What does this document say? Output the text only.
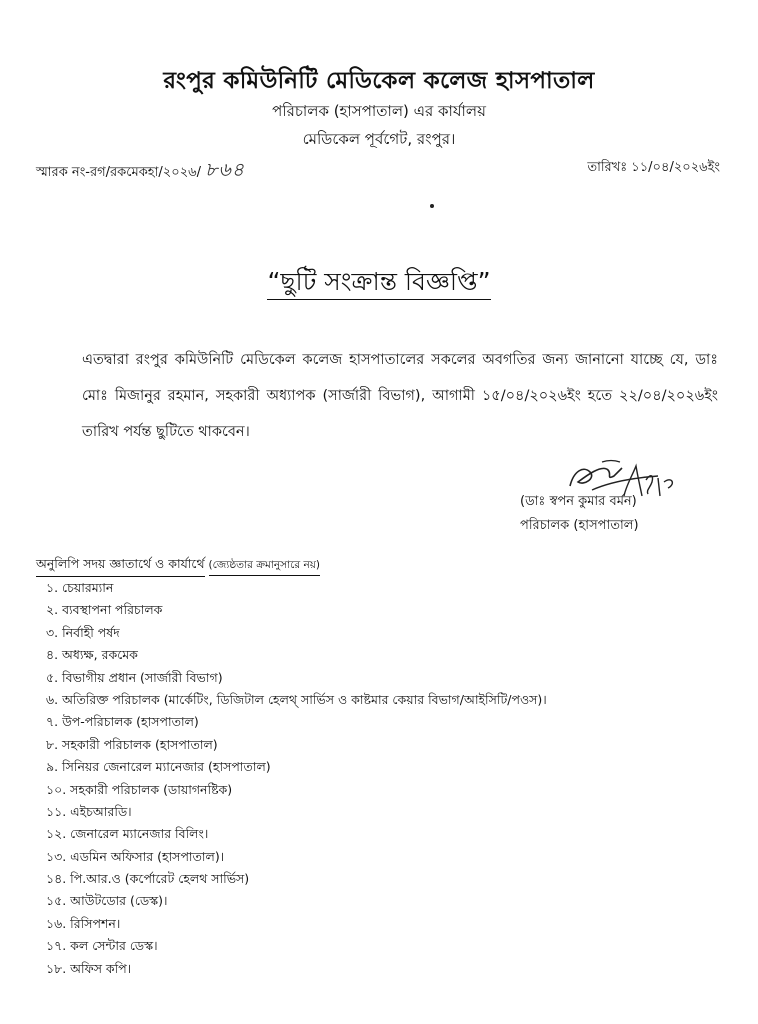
রংপুর কমিউনিটি মেডিকেল কলেজ হাসপাতাল
পরিচালক (হাসপাতাল) এর কার্যালয়
মেডিকেল পূর্বগেট, রংপুর।
স্মারক নং-রগ/রকমেকহা/২০২৬/ ৮৬৪	তারিখঃ ১১/০৪/২০২৬ইং
“ছুটি সংক্রান্ত বিজ্ঞপ্তি”
এতদ্বারা রংপুর কমিউনিটি মেডিকেল কলেজ হাসপাতালের সকলের অবগতির জন্য জানানো যাচ্ছে যে, ডাঃ মোঃ মিজানুর রহমান, সহকারী অধ্যাপক (সার্জারী বিভাগ), আগামী ১৫/০৪/২০২৬ইং হতে ২২/০৪/২০২৬ইং তারিখ পর্যন্ত ছুটিতে থাকবেন।
(ডাঃ স্বপন কুমার বর্মন)
পরিচালক (হাসপাতাল)
অনুলিপি সদয় জ্ঞাতার্থে ও কার্যার্থে (জ্যেষ্ঠতার ক্রমানুসারে নয়)
১. চেয়ারম্যান
২. ব্যবস্থাপনা পরিচালক
৩. নির্বাহী পর্ষদ
৪. অধ্যক্ষ, রকমেক
৫. বিভাগীয় প্রধান (সার্জারী বিভাগ)
৬. অতিরিক্ত পরিচালক (মার্কেটিং, ডিজিটাল হেলথ্ সার্ভিস ও কাষ্টমার কেয়ার বিভাগ/আইসিটি/পওস)।
৭. উপ-পরিচালক (হাসপাতাল)
৮. সহকারী পরিচালক (হাসপাতাল)
৯. সিনিয়র জেনারেল ম্যানেজার (হাসপাতাল)
১০. সহকারী পরিচালক (ডায়াগনষ্টিক)
১১. এইচআরডি।
১২. জেনারেল ম্যানেজার বিলিং।
১৩. এডমিন অফিসার (হাসপাতাল)।
১৪. পি.আর.ও (কর্পোরেট হেলথ সার্ভিস)
১৫. আউটডোর (ডেস্ক)।
১৬. রিসিপশন।
১৭. কল সেন্টার ডেস্ক।
১৮. অফিস কপি।
